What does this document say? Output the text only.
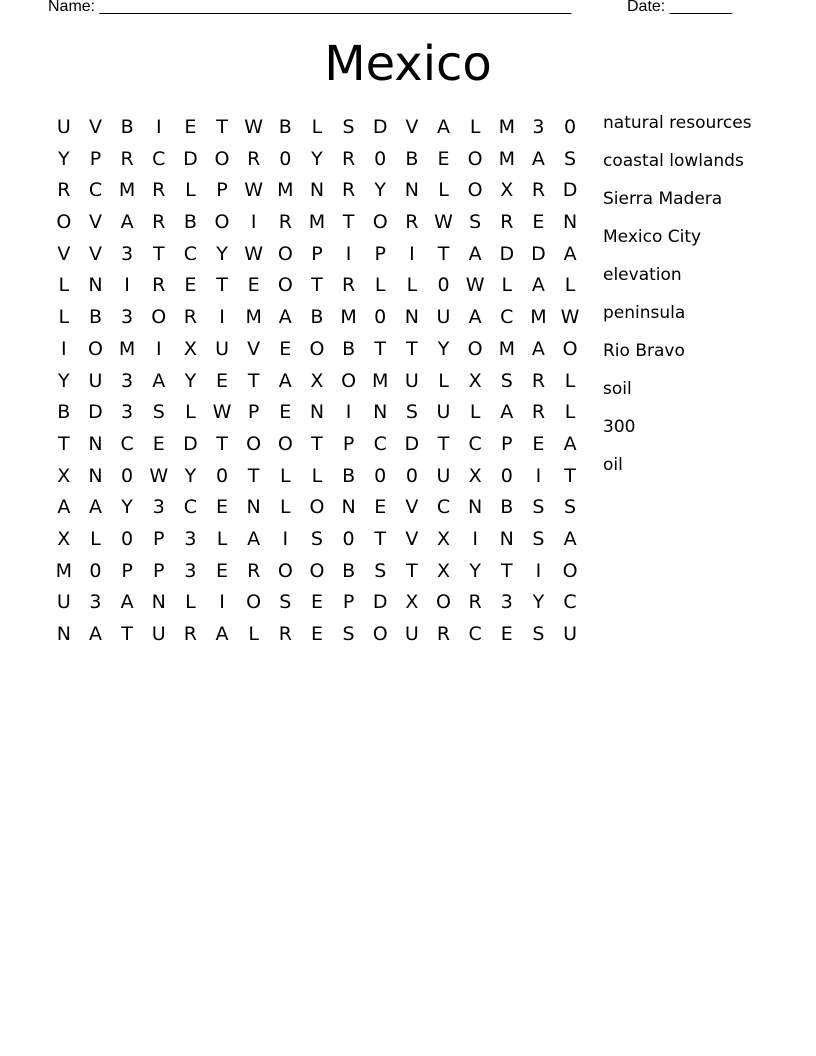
Name: _____________________________________________________	Date: _______
Mexico
U V B	I	E	T W B	L	S D V A	L M 3	0
Y	P	R C D O R 0	Y	R 0	B	E O M A	S
R C M R	L	P W M N R	Y N	L O X R D
O V A R B O	I	R M T O R W S	R	E N
V V	3	T	C	Y W O P	I	P	I	T	A D D A
L	N	I	R	E	T	E O T	R	L	L	0 W L	A	L
L	B	3 O R	I	M A B M 0 N U A C M W
I	O M	I	X U V	E O B	T	T	Y O M A O
Y U 3	A	Y	E	T	A X O M U	L	X	S	R	L
B D 3	S	L W P	E N	I	N S U	L	A R	L
T N C	E D T O O T	P	C D T	C	P	E	A
X N 0 W Y	0	T	L	L	B	0	0 U X	0	I	T
A A	Y	3 C	E N	L O N E	V C N B	S	S
X	L	0	P	3	L	A	I	S	0	T	V X	I	N S	A
M 0	P	P	3	E	R O O B	S	T	X	Y	T	I	O
U 3	A N	L	I	O S	E	P D X O R 3	Y	C
N A	T U R A	L	R	E	S O U R C	E	S U
natural resources
coastal lowlands
Sierra Madera
Mexico City
elevation
peninsula
Rio Bravo
soil
300
oil
